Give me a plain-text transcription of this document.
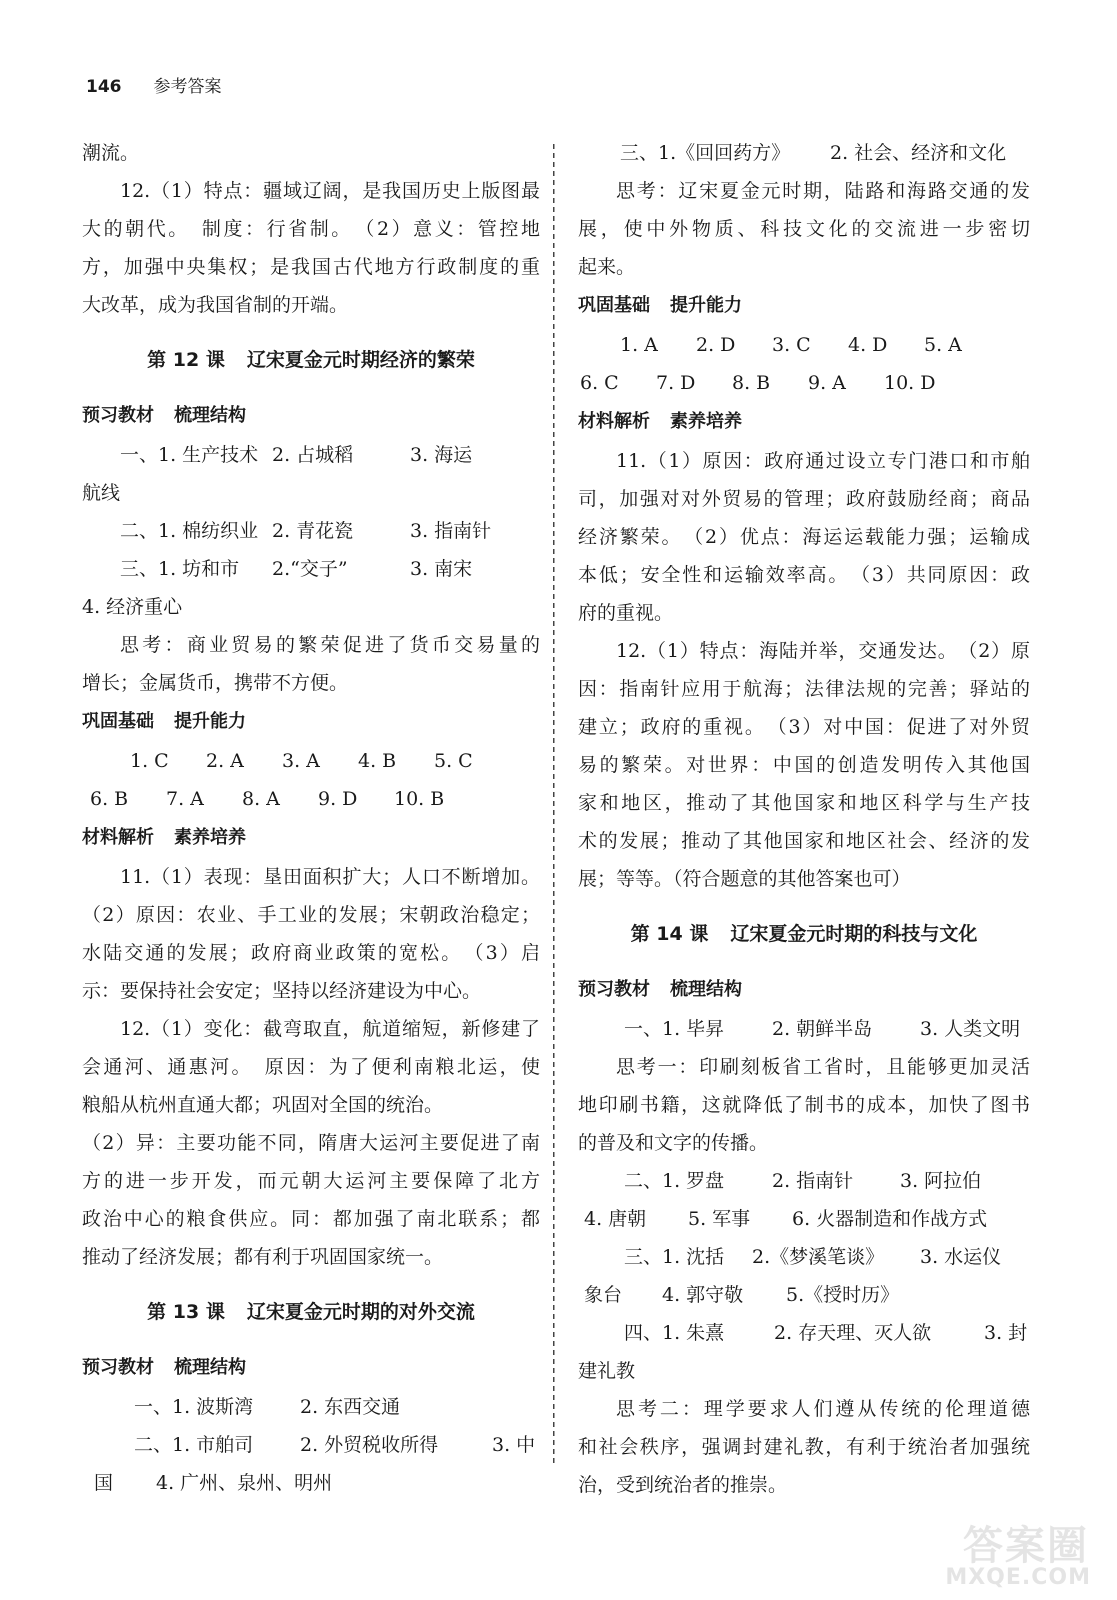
146 参考答案
潮流。
12.（1）特点：疆域辽阔，是我国历史上版图最
大的朝代。　制度：行省制。　（2）意义：管控地
方，加强中央集权；是我国古代地方行政制度的重
大改革，成为我国省制的开端。
第 12 课 辽宋夏金元时期经济的繁荣
预习教材 梳理结构
一、1. 生产技术 2. 占城稻	3. 海运
航线
二、1. 棉纺织业 2. 青花瓷	3. 指南针
三、1. 坊和市	2.“交子”	3. 南宋
4. 经济重心
思考：商业贸易的繁荣促进了货币交易量的
增长；金属货币，携带不方便。
巩固基础 提升能力
1. C	2. A	3. A	4. B	5. C
6. B	7. A	8. A	9. D	10. B
材料解析 素养培养
11.（1）表现：垦田面积扩大；人口不断增加。
（2）原因：农业、手工业的发展；宋朝政治稳定；
水陆交通的发展；政府商业政策的宽松。　（3）启
示：要保持社会安定；坚持以经济建设为中心。
12.（1）变化：截弯取直，航道缩短，新修建了
会通河、通惠河。　原因：为了便利南粮北运，使
粮船从杭州直通大都；巩固对全国的统治。
（2）异：主要功能不同，隋唐大运河主要促进了南
方的进一步开发，而元朝大运河主要保障了北方
政治中心的粮食供应。同：都加强了南北联系；都
推动了经济发展；都有利于巩固国家统一。
第 13 课 辽宋夏金元时期的对外交流
预习教材 梳理结构
一、1. 波斯湾	2. 东西交通
二、1. 市舶司	2. 外贸税收所得	3. 中
国	4. 广州、泉州、明州
三、1.《回回药方》	2. 社会、经济和文化
思考：辽宋夏金元时期，陆路和海路交通的发
展，使中外物质、科技文化的交流进一步密切
起来。
巩固基础 提升能力
1. A	2. D	3. C	4. D	5. A
6. C	7. D	8. B	9. A	10. D
材料解析 素养培养
11.（1）原因：政府通过设立专门港口和市舶
司，加强对对外贸易的管理；政府鼓励经商；商品
经济繁荣。　（2）优点：海运运载能力强；运输成
本低；安全性和运输效率高。　（3）共同原因：政
府的重视。
12.（1）特点：海陆并举，交通发达。　（2）原
因：指南针应用于航海；法律法规的完善；驿站的
建立；政府的重视。　（3）对中国：促进了对外贸
易的繁荣。对世界：中国的创造发明传入其他国
家和地区，推动了其他国家和地区科学与生产技
术的发展；推动了其他国家和地区社会、经济的发
展；等等。（符合题意的其他答案也可）
第 14 课 辽宋夏金元时期的科技与文化
预习教材 梳理结构
一、1. 毕昇	2. 朝鲜半岛	3. 人类文明
思考一：印刷刻板省工省时，且能够更加灵活
地印刷书籍，这就降低了制书的成本，加快了图书
的普及和文字的传播。
二、1. 罗盘	2. 指南针	3. 阿拉伯
4. 唐朝	5. 军事	6. 火器制造和作战方式
三、1. 沈括	2.《梦溪笔谈》	3. 水运仪
象台	4. 郭守敬	5.《授时历》
四、1. 朱熹	2. 存天理、灭人欲	3. 封
建礼教
思考二：理学要求人们遵从传统的伦理道德
和社会秩序，强调封建礼教，有利于统治者加强统
治，受到统治者的推崇。
答案圈
MXQE.COM
